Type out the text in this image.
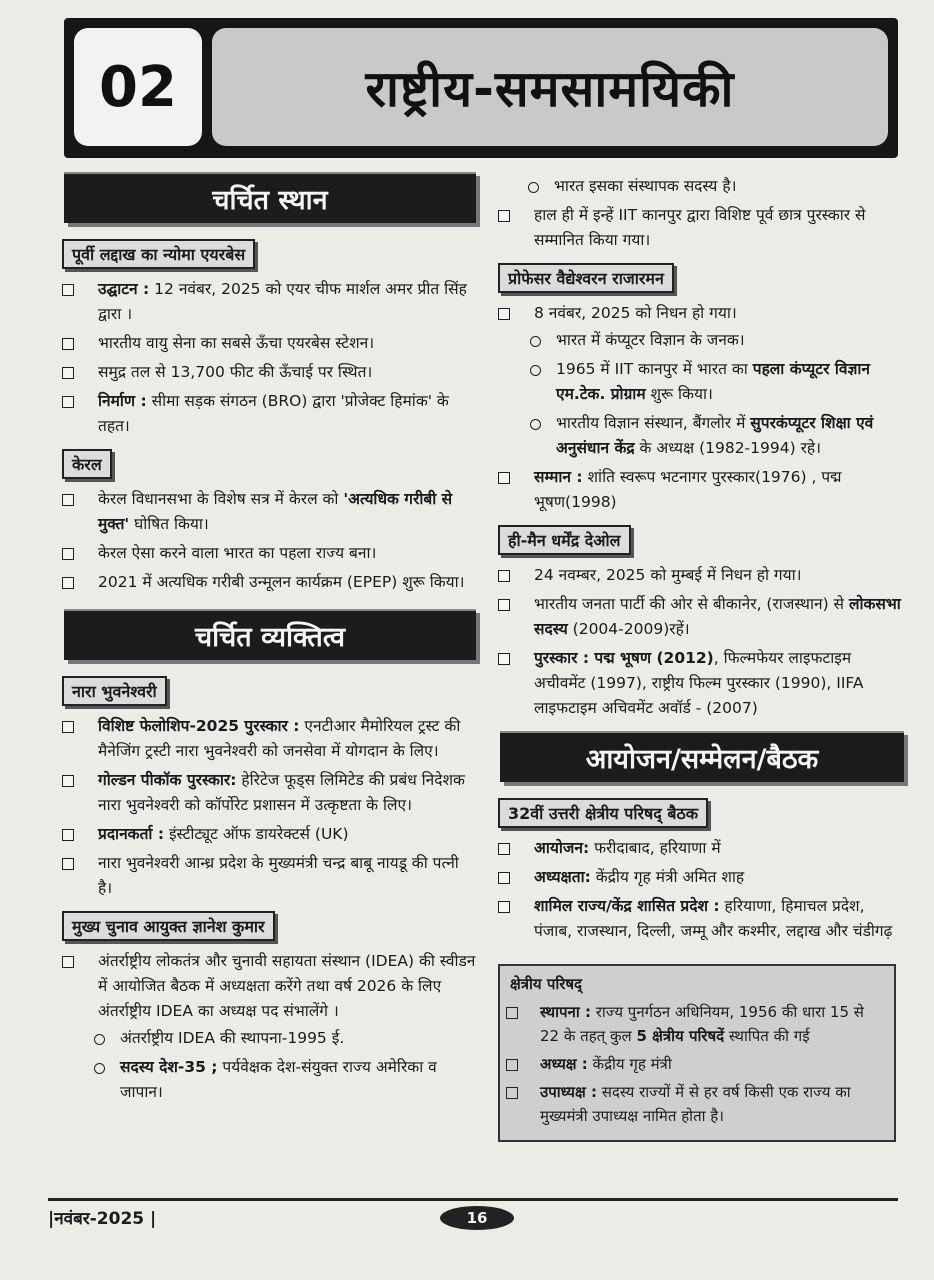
02	राष्ट्रीय-समसामयिकी
चर्चित स्थान
पूर्वी लद्दाख का न्योमा एयरबेस
उद्घाटन : 12 नवंबर, 2025 को एयर चीफ मार्शल अमर प्रीत सिंह द्वारा ।
भारतीय वायु सेना का सबसे ऊँचा एयरबेस स्टेशन।
समुद्र तल से 13,700 फीट की ऊँचाई पर स्थित।
निर्माण : सीमा सड़क संगठन (BRO) द्वारा 'प्रोजेक्ट हिमांक' के तहत।
केरल
केरल विधानसभा के विशेष सत्र में केरल को 'अत्यधिक गरीबी से मुक्त' घोषित किया।
केरल ऐसा करने वाला भारत का पहला राज्य बना।
2021 में अत्यधिक गरीबी उन्मूलन कार्यक्रम (EPEP) शुरू किया।
चर्चित व्यक्तित्व
नारा भुवनेश्वरी
विशिष्ट फेलोशिप-2025 पुरस्कार : एनटीआर मैमोरियल ट्रस्ट की मैनेजिंग ट्रस्टी नारा भुवनेश्वरी को जनसेवा में योगदान के लिए।
गोल्डन पीकॉक पुरस्कार: हेरिटेज फूड्स लिमिटेड की प्रबंध निदेशक नारा भुवनेश्वरी को कॉर्पोरेट प्रशासन में उत्कृष्टता के लिए।
प्रदानकर्ता : इंस्टीट्यूट ऑफ डायरेक्टर्स (UK)
नारा भुवनेश्वरी आन्ध्र प्रदेश के मुख्यमंत्री चन्द्र बाबू नायडू की पत्नी है।
मुख्य चुनाव आयुक्त ज्ञानेश कुमार
अंतर्राष्ट्रीय लोकतंत्र और चुनावी सहायता संस्थान (IDEA) की स्वीडन में आयोजित बैठक में अध्यक्षता करेंगे तथा वर्ष 2026 के लिए अंतर्राष्ट्रीय IDEA का अध्यक्ष पद संभालेंगे ।
अंतर्राष्ट्रीय IDEA की स्थापना-1995 ई.
सदस्य देश-35 ; पर्यवेक्षक देश-संयुक्त राज्य अमेरिका व जापान।
भारत इसका संस्थापक सदस्य है।
हाल ही में इन्हें IIT कानपुर द्वारा विशिष्ट पूर्व छात्र पुरस्कार से सम्मानित किया गया।
प्रोफेसर वैद्येश्वरन राजारमन
8 नवंबर, 2025 को निधन हो गया।
भारत में कंप्यूटर विज्ञान के जनक।
1965 में IIT कानपुर में भारत का पहला कंप्यूटर विज्ञान एम.टेक. प्रोग्राम शुरू किया।
भारतीय विज्ञान संस्थान, बैंगलोर में सुपरकंप्यूटर शिक्षा एवं अनुसंधान केंद्र के अध्यक्ष (1982-1994) रहे।
सम्मान : शांति स्वरूप भटनागर पुरस्कार(1976) , पद्म भूषण(1998)
ही-मैन धर्मेंद्र देओल
24 नवम्बर, 2025 को मुम्बई में निधन हो गया।
भारतीय जनता पार्टी की ओर से बीकानेर, (राजस्थान) से लोकसभा सदस्य (2004-2009)रहें।
पुरस्कार : पद्म भूषण (2012), फिल्मफेयर लाइफटाइम अचीवमेंट (1997), राष्ट्रीय फिल्म पुरस्कार (1990), IIFA लाइफटाइम अचिवमेंट अवॉर्ड - (2007)
आयोजन/सम्मेलन/बैठक
32वीं उत्तरी क्षेत्रीय परिषद् बैठक
आयोजन: फरीदाबाद, हरियाणा में
अध्यक्षता: केंद्रीय गृह मंत्री अमित शाह
शामिल राज्य/केंद्र शासित प्रदेश : हरियाणा, हिमाचल प्रदेश, पंजाब, राजस्थान, दिल्ली, जम्मू और कश्मीर, लद्दाख और चंडीगढ़
क्षेत्रीय परिषद्
स्थापना : राज्य पुनर्गठन अधिनियम, 1956 की धारा 15 से 22 के तहत् कुल 5 क्षेत्रीय परिषदें स्थापित की गई
अध्यक्ष : केंद्रीय गृह मंत्री
उपाध्यक्ष : सदस्य राज्यों में से हर वर्ष किसी एक राज्य का मुख्यमंत्री उपाध्यक्ष नामित होता है।
|नवंबर-2025 |	16
